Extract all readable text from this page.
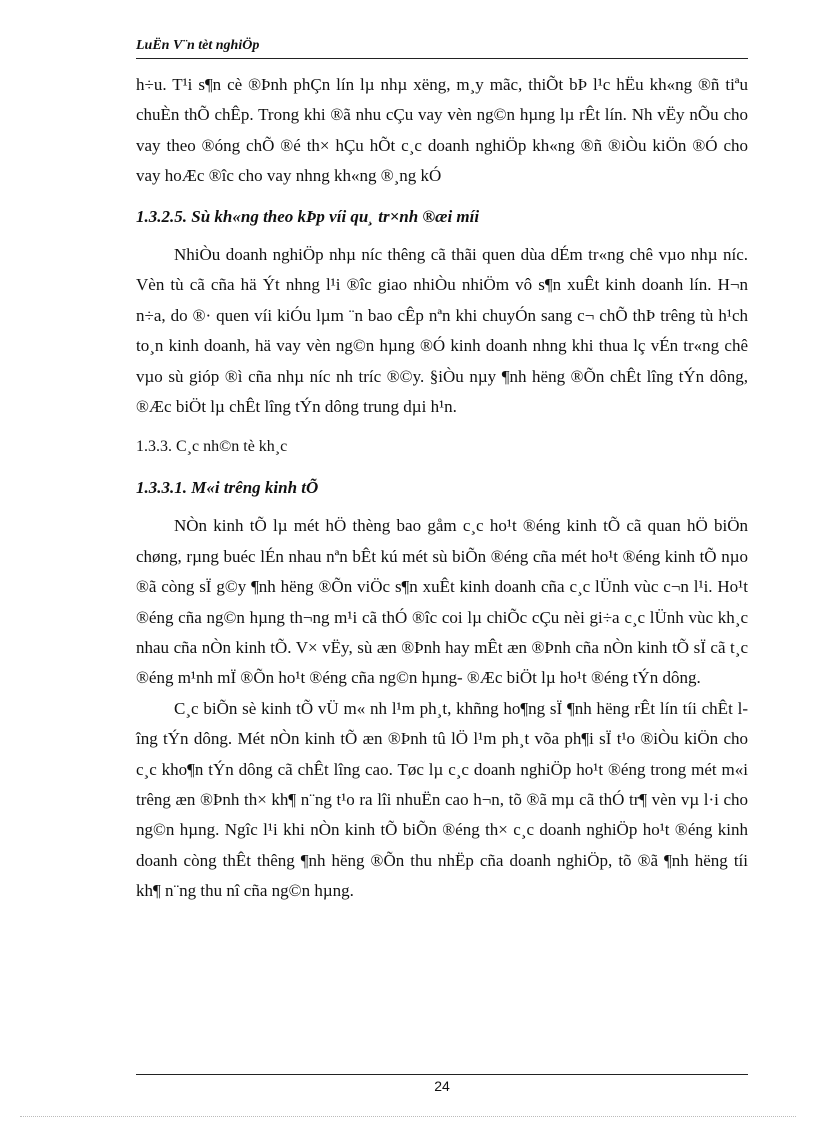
LuËn V¨n tèt nghiÖp

h÷u. T¹i s¶n cè ®Þnh phÇn lín lµ nhµ xëng, m¸y mãc, thiÕt bÞ l¹c hËu kh«ng ®ñ tiªu chuÈn thÕ chÊp. Trong khi ®ã nhu cÇu vay vèn ng©n hµng lµ rÊt lín. Nh vËy nÕu cho vay theo ®óng chÕ ®é th× hÇu hÕt c¸c doanh nghiÖp kh«ng ®ñ ®iÒu kiÖn ®Ó cho vay hoÆc ®îc cho vay nhng kh«ng ®¸ng kÓ

1.3.2.5. Sù kh«ng theo kÞp víi qu¸ tr×nh ®æi míi

NhiÒu doanh nghiÖp nhµ níc thêng cã thãi quen dùa dÉm tr«ng chê vµo nhµ níc. Vèn tù cã cña hä Ýt nhng l¹i ®îc giao nhiÒu nhiÖm vô s¶n xuÊt kinh doanh lín. H¬n n÷a, do ®· quen víi kiÓu lµm ¨n bao cÊp nªn khi chuyÓn sang c¬ chÕ thÞ trêng tù h¹ch to¸n kinh doanh, hä vay vèn ng©n hµng ®Ó kinh doanh nhng khi thua lç vÉn tr«ng chê vµo sù gióp ®ì cña nhµ níc nh tríc ®©y. §iÒu nµy ¶nh hëng ®Õn chÊt lîng tÝn dông, ®Æc biÖt lµ chÊt lîng tÝn dông trung dµi h¹n.

1.3.3. C¸c nh©n tè kh¸c

1.3.3.1. M«i trêng kinh tÕ

NÒn kinh tÕ lµ mét hÖ thèng bao gåm c¸c ho¹t ®éng kinh tÕ cã quan hÖ biÖn chøng, rµng buéc lÉn nhau nªn bÊt kú mét sù biÕn ®éng cña mét ho¹t ®éng kinh tÕ nµo ®ã còng sÏ g©y ¶nh hëng ®Õn viÖc s¶n xuÊt kinh doanh cña c¸c lÜnh vùc c¬n l¹i. Ho¹t ®éng cña ng©n hµng th¬ng m¹i cã thÓ ®îc coi lµ chiÕc cÇu nèi gi÷a c¸c lÜnh vùc kh¸c nhau cña nÒn kinh tÕ. V× vËy, sù æn ®Þnh hay mÊt æn ®Þnh cña nÒn kinh tÕ sÏ cã t¸c ®éng m¹nh mÏ ®Õn ho¹t ®éng cña ng©n hµng- ®Æc biÖt lµ ho¹t ®éng tÝn dông.

C¸c biÕn sè kinh tÕ vÜ m« nh l¹m ph¸t, khñng ho¶ng sÏ ¶nh hëng rÊt lín tíi chÊt lîng tÝn dông. Mét nÒn kinh tÕ æn ®Þnh tû lÖ l¹m ph¸t võa ph¶i sÏ t¹o ®iÒu kiÖn cho c¸c kho¶n tÝn dông cã chÊt lîng cao. Tøc lµ c¸c doanh nghiÖp ho¹t ®éng trong mét m«i trêng æn ®Þnh th× kh¶ n¨ng t¹o ra lîi nhuËn cao h¬n, tõ ®ã mµ cã thÓ tr¶ vèn vµ l·i cho ng©n hµng. Ngîc l¹i khi nÒn kinh tÕ biÕn ®éng th× c¸c doanh nghiÖp ho¹t ®éng kinh doanh còng thÊt thêng ¶nh hëng ®Õn thu nhËp cña doanh nghiÖp, tõ ®ã ¶nh hëng tíi kh¶ n¨ng thu nî cña ng©n hµng.

24
